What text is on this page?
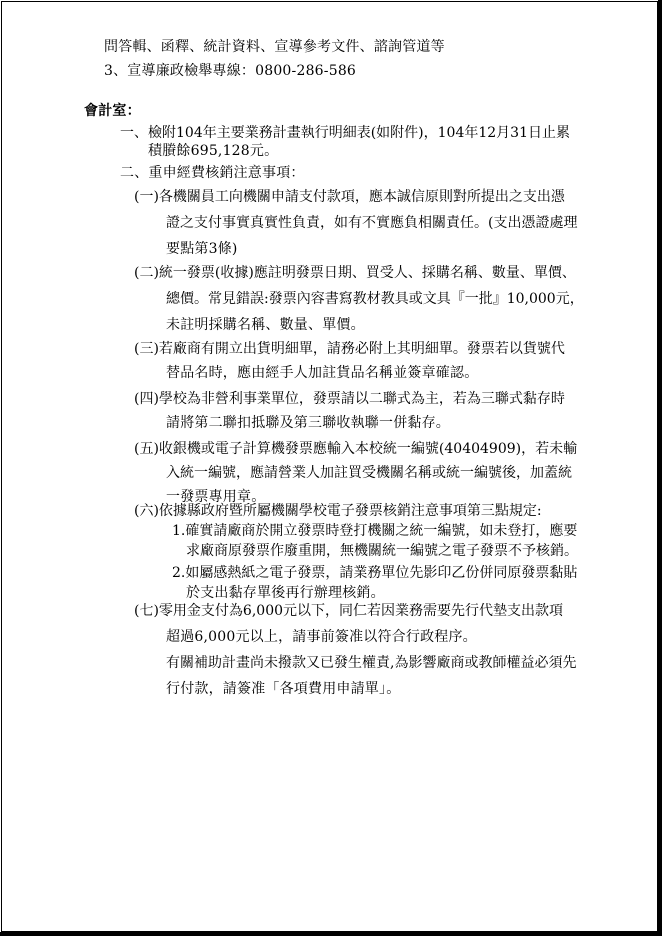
問答輯、函釋、統計資料、宣導參考文件、諮詢管道等
3、宣導廉政檢舉專線：0800-286-586
會計室：
一、檢附104年主要業務計畫執行明細表(如附件)，104年12月31日止累
積賸餘695,128元。
二、重申經費核銷注意事項：
(一)各機關員工向機關申請支付款項，應本誠信原則對所提出之支出憑
證之支付事實真實性負責，如有不實應負相關責任。(支出憑證處理
要點第3條)
(二)統一發票(收據)應註明發票日期、買受人、採購名稱、數量、單價、
總價。常見錯誤:發票內容書寫教材教具或文具『一批』10,000元，
未註明採購名稱、數量、單價。
(三)若廠商有開立出貨明細單，請務必附上其明細單。發票若以貨號代
替品名時，應由經手人加註貨品名稱並簽章確認。
(四)學校為非營利事業單位，發票請以二聯式為主，若為三聯式黏存時
請將第二聯扣抵聯及第三聯收執聯一併黏存。
(五)收銀機或電子計算機發票應輸入本校統一編號(40404909)，若未輸
入統一編號，應請營業人加註買受機關名稱或統一編號後，加蓋統
一發票專用章。
(六)依據縣政府暨所屬機關學校電子發票核銷注意事項第三點規定:
1.確實請廠商於開立發票時登打機關之統一編號，如未登打，應要
求廠商原發票作廢重開，無機關統一編號之電子發票不予核銷。
2.如屬感熱紙之電子發票，請業務單位先影印乙份併同原發票黏貼
於支出黏存單後再行辦理核銷。
(七)零用金支付為6,000元以下，同仁若因業務需要先行代墊支出款項
超過6,000元以上，請事前簽准以符合行政程序。
有關補助計畫尚未撥款又已發生權責,為影響廠商或教師權益必須先
行付款，請簽准「各項費用申請單」。
